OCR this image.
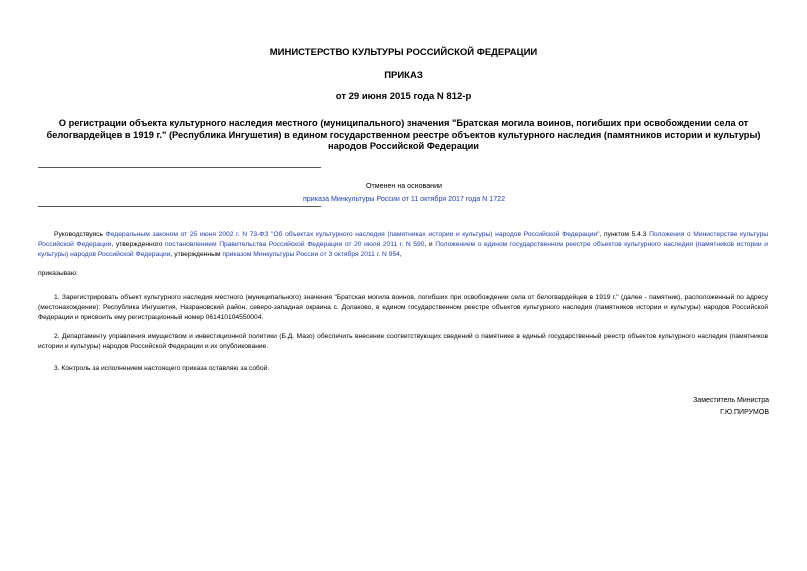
МИНИСТЕРСТВО КУЛЬТУРЫ РОССИЙСКОЙ ФЕДЕРАЦИИ
ПРИКАЗ
от 29 июня 2015 года N 812-р
О регистрации объекта культурного наследия местного (муниципального) значения "Братская могила воинов, погибших при освобождении села от белогвардейцев в 1919 г." (Республика Ингушетия) в едином государственном реестре объектов культурного наследия (памятников истории и культуры) народов Российской Федерации
Отменен на основании
приказа Минкультуры России от 11 октября 2017 года N 1722
Руководствуясь Федеральным законом от 25 июня 2002 г. N 73-ФЗ "Об объектах культурного наследия (памятниках истории и культуры) народов Российской Федерации", пунктом 5.4.3 Положения о Министерстве культуры Российской Федерации, утвержденного постановлением Правительства Российской Федерации от 20 июля 2011 г. N 590, и Положением о едином государственном реестре объектов культурного наследия (памятников истории и культуры) народов Российской Федерации, утвержденным приказом Минкультуры России от 3 октября 2011 г. N 954,
приказываю:
1. Зарегистрировать объект культурного наследия местного (муниципального) значения "Братская могила воинов, погибших при освобождении села от белогвардейцев в 1919 г." (далее - памятник), расположенный по адресу (местонахождение): Республика Ингушетия, Назрановский район, северо-западная окраина с. Долаково, в едином государственном реестре объектов культурного наследия (памятников истории и культуры) народов Российской Федерации и присвоить ему регистрационный номер 061410104550004.
2. Департаменту управления имуществом и инвестиционной политики (Б.Д. Мазо) обеспечить внесение соответствующих сведений о памятнике в единый государственный реестр объектов культурного наследия (памятников истории и культуры) народов Российской Федерации и их опубликование.
3. Контроль за исполнением настоящего приказа оставляю за собой.
Заместитель Министра
Г.Ю.ПИРУМОВ
